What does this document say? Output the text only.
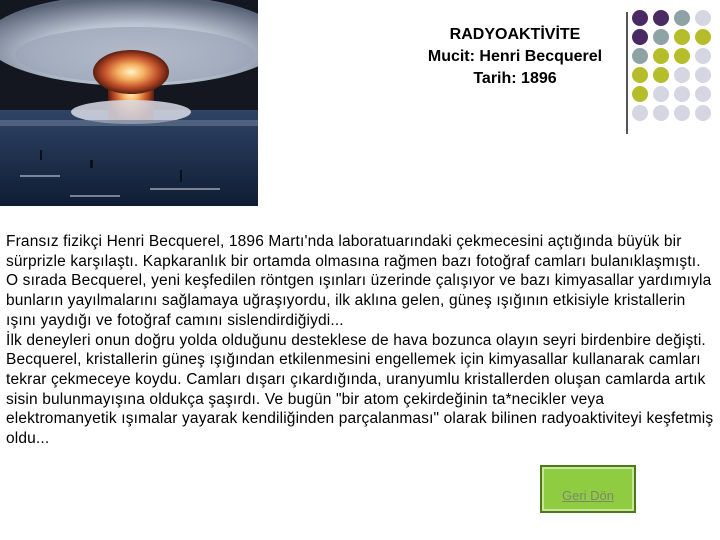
RADYOAKTİVİTE
Mucit: Henri Becquerel
Tarih: 1896

Fransız fizikçi Henri Becquerel, 1896 Martı'nda laboratuarındaki çekmecesini açtığında büyük bir sürprizle karşılaştı. Kapkaranlık bir ortamda olmasına rağmen bazı fotoğraf camları bulanıklaşmıştı.

O sırada Becquerel, yeni keşfedilen röntgen ışınları üzerinde çalışıyor ve bazı kimyasallar yardımıyla bunların yayılmalarını sağlamaya uğraşıyordu, ilk aklına gelen, güneş ışığının etkisiyle kristallerin ışını yaydığı ve fotoğraf camını sislendirdiğiydi...

İlk deneyleri onun doğru yolda olduğunu desteklese de hava bozunca olayın seyri birdenbire değişti.

Becquerel, kristallerin güneş ışığından etkilenmesini engellemek için kimyasallar kullanarak camları tekrar çekmeceye koydu. Camları dışarı çıkardığında, uranyumlu kristallerden oluşan camlarda artık sisin bulunmayışına oldukça şaşırdı. Ve bugün "bir atom çekirdeğinin ta*necikler veya elektromanyetik ışımalar yayarak kendiliğinden parçalanması" olarak bilinen radyoaktiviteyi keşfetmiş oldu...

Geri Dön
